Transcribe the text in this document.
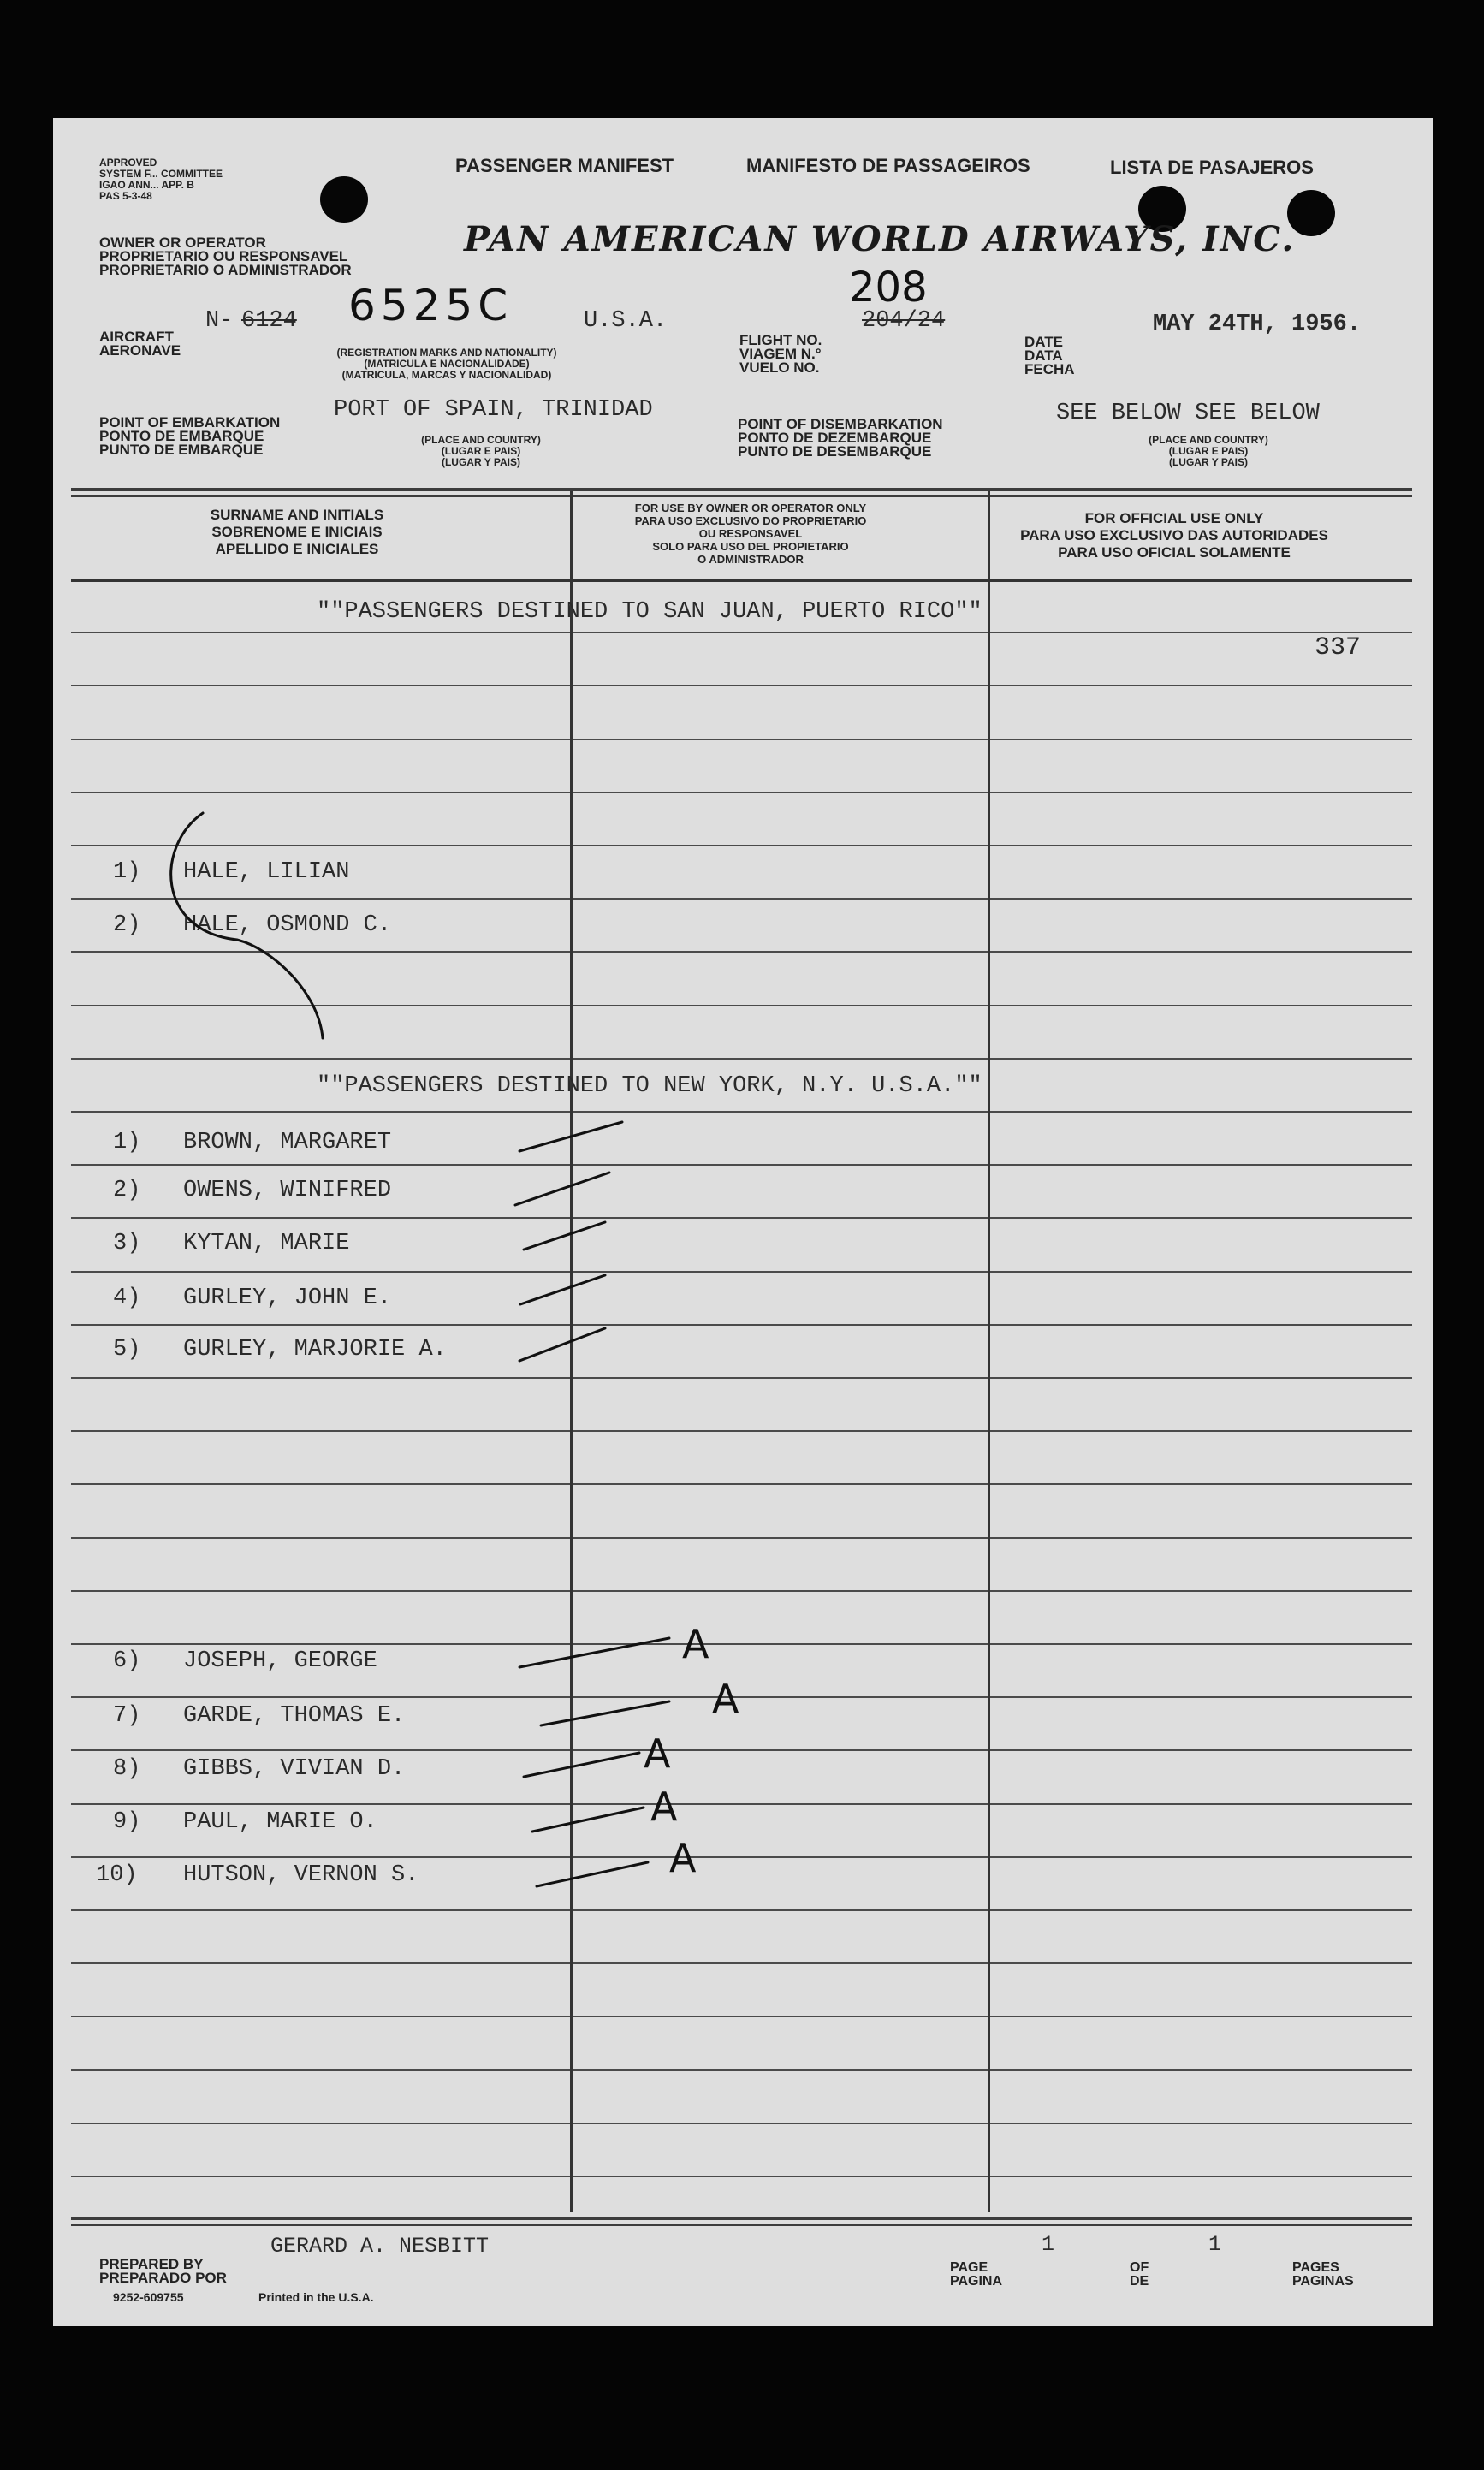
APPROVED
SYSTEM F... COMMITTEE
IGAO ANN... APP. B
PAS 5-3-48
PASSENGER MANIFEST	MANIFESTO DE PASSAGEIROS	LISTA DE PASAJEROS
OWNER OR OPERATOR
PROPRIETARIO OU RESPONSAVEL
PROPRIETARIO O ADMINISTRADOR
PAN AMERICAN WORLD AIRWAYS, INC.
AIRCRAFT
AERONAVE
N- 6124 6525C	U.S.A.
(REGISTRATION MARKS AND NATIONALITY)
(MATRICULA E NACIONALIDADE)
(MATRICULA, MARCAS Y NACIONALIDAD)
FLIGHT NO.
VIAGEM N.°
VUELO NO.
208
204/24
DATE
DATA
FECHA
MAY 24TH, 1956.
POINT OF EMBARKATION
PONTO DE EMBARQUE
PUNTO DE EMBARQUE
PORT OF SPAIN, TRINIDAD
(PLACE AND COUNTRY)
(LUGAR E PAIS)
(LUGAR Y PAIS)
POINT OF DISEMBARKATION
PONTO DE DEZEMBARQUE
PUNTO DE DESEMBARQUE
SEE BELOW SEE BELOW
(PLACE AND COUNTRY)
(LUGAR E PAIS)
(LUGAR Y PAIS)
SURNAME AND INITIALS
SOBRENOME E INICIAIS
APELLIDO E INICIALES
FOR USE BY OWNER OR OPERATOR ONLY
PARA USO EXCLUSIVO DO PROPRIETARIO
OU RESPONSAVEL
SOLO PARA USO DEL PROPIETARIO
O ADMINISTRADOR
FOR OFFICIAL USE ONLY
PARA USO EXCLUSIVO DAS AUTORIDADES
PARA USO OFICIAL SOLAMENTE
""PASSENGERS DESTINED TO SAN JUAN, PUERTO RICO""
""PASSENGERS DESTINED TO NEW YORK, N.Y. U.S.A.""
337
1) HALE, LILIAN
2) HALE, OSMOND C.
1) BROWN, MARGARET
2) OWENS, WINIFRED
3) KYTAN, MARIE
4) GURLEY, JOHN E.
5) GURLEY, MARJORIE A.
6) JOSEPH, GEORGE
7) GARDE, THOMAS E.
8) GIBBS, VIVIAN D.
9) PAUL, MARIE O.
10) HUTSON, VERNON S.
A
A
A
A
A
GERARD A. NESBITT
PREPARED BY
PREPARADO POR
9252-609755	Printed in the U.S.A.
PAGE
PAGINA
1
OF
DE
1
PAGES
PAGINAS
